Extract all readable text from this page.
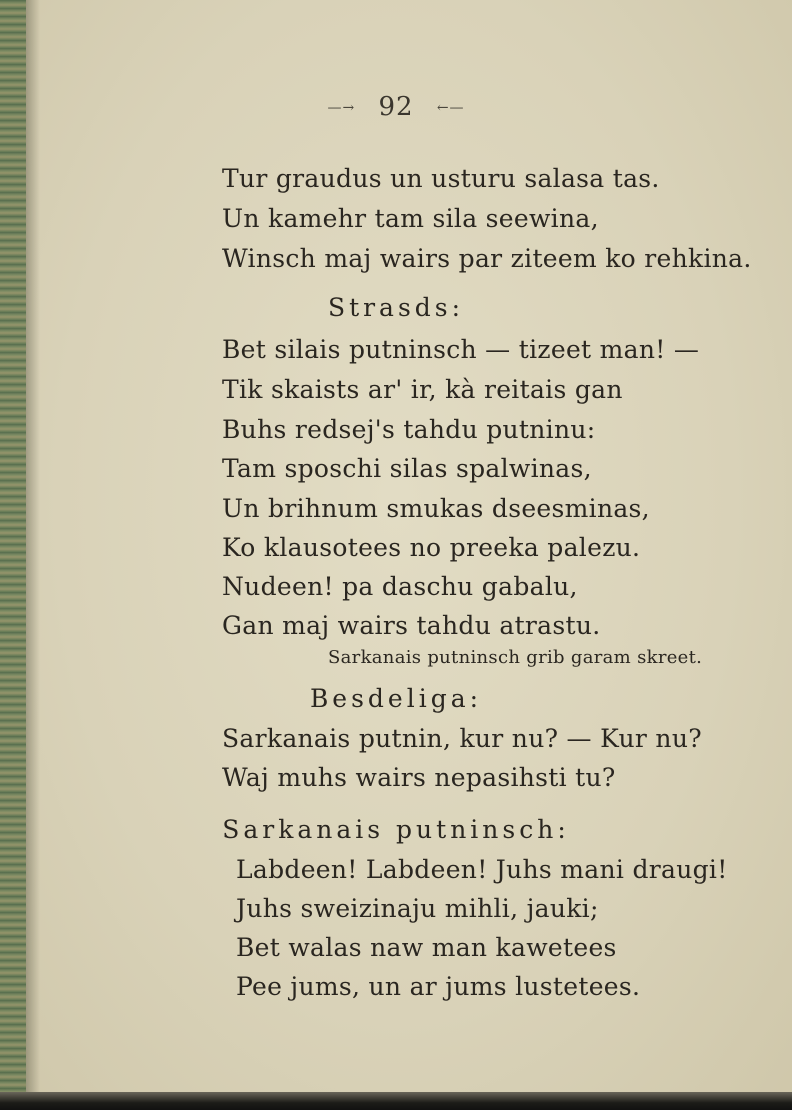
—→ 92 ←—
Tur graudus un usturu salasa tas.
Un kamehr tam sila seewina,
Winsch maj wairs par ziteem ko rehkina.
Strasds:
Bet silais putninsch — tizeet man! —
Tik skaists ar' ir, kà reitais gan
Buhs redsej's tahdu putninu:
Tam sposchi silas spalwinas,
Un brihnum smukas dseesminas,
Ko klausotees no preeka palezu.
Nudeen! pa daschu gabalu,
Gan maj wairs tahdu atrastu.
Sarkanais putninsch grib garam skreet.
Besdeliga:
Sarkanais putnin, kur nu? — Kur nu?
Waj muhs wairs nepasihsti tu?
Sarkanais putninsch:
Labdeen! Labdeen! Juhs mani draugi!
Juhs sweizinaju mihli, jauki;
Bet walas naw man kawetees
Pee jums, un ar jums lustetees.
